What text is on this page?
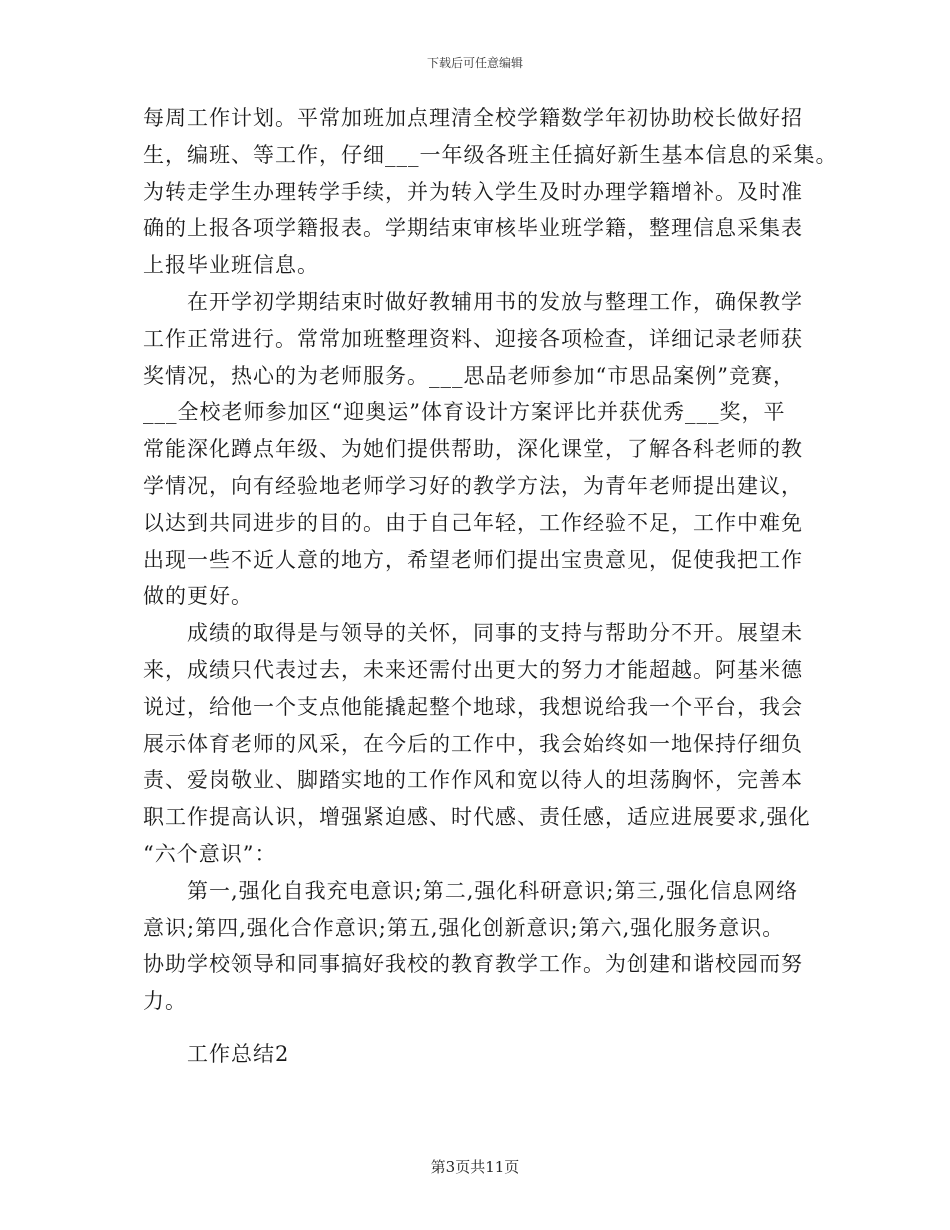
下载后可任意编辑
每周工作计划。平常加班加点理清全校学籍数学年初协助校长做好招
生，编班、等工作，仔细___一年级各班主任搞好新生基本信息的采集。
为转走学生办理转学手续，并为转入学生及时办理学籍增补。及时准
确的上报各项学籍报表。学期结束审核毕业班学籍，整理信息采集表
上报毕业班信息。
　　在开学初学期结束时做好教辅用书的发放与整理工作，确保教学
工作正常进行。常常加班整理资料、迎接各项检查，详细记录老师获
奖情况，热心的为老师服务。___思品老师参加“市思品案例”竞赛，
___全校老师参加区“迎奥运”体育设计方案评比并获优秀___奖，平
常能深化蹲点年级、为她们提供帮助，深化课堂，了解各科老师的教
学情况，向有经验地老师学习好的教学方法，为青年老师提出建议，
以达到共同进步的目的。由于自己年轻，工作经验不足，工作中难免
出现一些不近人意的地方，希望老师们提出宝贵意见，促使我把工作
做的更好。
　　成绩的取得是与领导的关怀，同事的支持与帮助分不开。展望未
来，成绩只代表过去，未来还需付出更大的努力才能超越。阿基米德
说过，给他一个支点他能撬起整个地球，我想说给我一个平台，我会
展示体育老师的风采，在今后的工作中，我会始终如一地保持仔细负
责、爱岗敬业、脚踏实地的工作作风和宽以待人的坦荡胸怀，完善本
职工作提高认识，增强紧迫感、时代感、责任感，适应进展要求,强化
“六个意识”：
　　第一,强化自我充电意识;第二,强化科研意识;第三,强化信息网络
意识;第四,强化合作意识;第五,强化创新意识;第六,强化服务意识。
协助学校领导和同事搞好我校的教育教学工作。为创建和谐校园而努
力。
　　工作总结2
第3页共11页
